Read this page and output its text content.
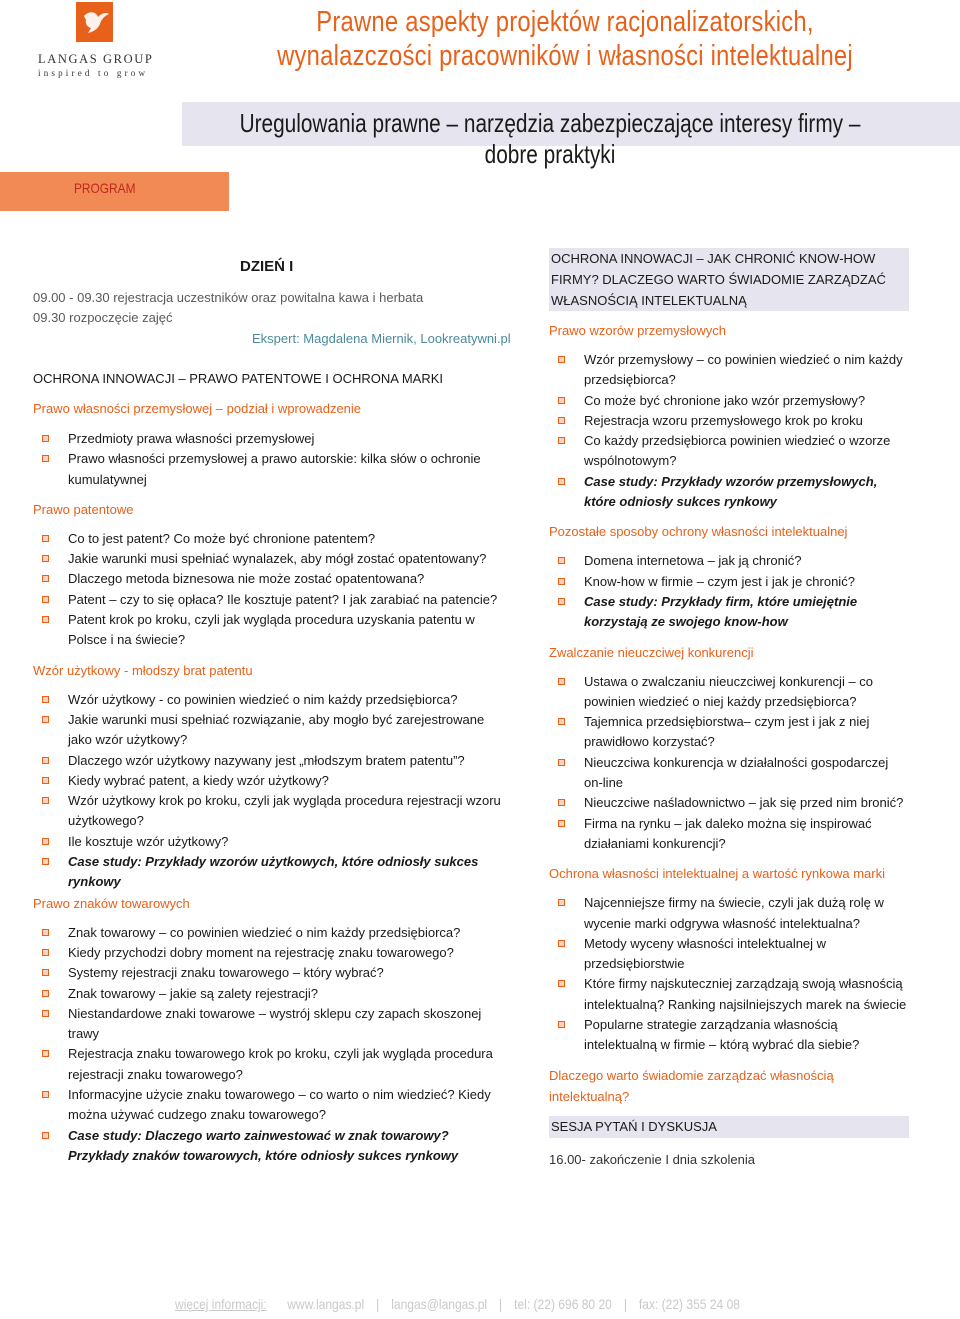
LANGAS GROUP
inspired to grow
Prawne aspekty projektów racjonalizatorskich,
wynalazczości pracowników i własności intelektualnej
Uregulowania prawne – narzędzia zabezpieczające interesy firmy – dobre praktyki
PROGRAM
DZIEŃ I
09.00 - 09.30 rejestracja uczestników oraz powitalna kawa i herbata
09.30 rozpoczęcie zajęć
Ekspert: Magdalena Miernik, Lookreatywni.pl
OCHRONA INNOWACJI – PRAWO PATENTOWE I OCHRONA MARKI
Prawo własności przemysłowej – podział i wprowadzenie
Przedmioty prawa własności przemysłowej
Prawo własności przemysłowej a prawo autorskie: kilka słów o ochronie kumulatywnej
Prawo patentowe
Co to jest patent? Co może być chronione patentem?
Jakie warunki musi spełniać wynalazek, aby mógł zostać opatentowany?
Dlaczego metoda biznesowa nie może zostać opatentowana?
Patent – czy to się opłaca? Ile kosztuje patent? I jak zarabiać na patencie?
Patent krok po kroku, czyli jak wygląda procedura uzyskania patentu w Polsce i na świecie?
Wzór użytkowy - młodszy brat patentu
Wzór użytkowy - co powinien wiedzieć o nim każdy przedsiębiorca?
Jakie warunki musi spełniać rozwiązanie, aby mogło być zarejestrowane jako wzór użytkowy?
Dlaczego wzór użytkowy nazywany jest „młodszym bratem patentu”?
Kiedy wybrać patent, a kiedy wzór użytkowy?
Wzór użytkowy krok po kroku, czyli jak wygląda procedura rejestracji wzoru użytkowego?
Ile kosztuje wzór użytkowy?
Case study: Przykłady wzorów użytkowych, które odniosły sukces rynkowy
Prawo znaków towarowych
Znak towarowy – co powinien wiedzieć o nim każdy przedsiębiorca?
Kiedy przychodzi dobry moment na rejestrację znaku towarowego?
Systemy rejestracji znaku towarowego – który wybrać?
Znak towarowy – jakie są zalety rejestracji?
Niestandardowe znaki towarowe – wystrój sklepu czy zapach skoszonej trawy
Rejestracja znaku towarowego krok po kroku, czyli jak wygląda procedura rejestracji znaku towarowego?
Informacyjne użycie znaku towarowego – co warto o nim wiedzieć? Kiedy można używać cudzego znaku towarowego?
Case study: Dlaczego warto zainwestować w znak towarowy? Przykłady znaków towarowych, które odniosły sukces rynkowy
OCHRONA INNOWACJI – JAK CHRONIĆ KNOW-HOW FIRMY? DLACZEGO WARTO ŚWIADOMIE ZARZĄDZAĆ WŁASNOŚCIĄ INTELEKTUALNĄ
Prawo wzorów przemysłowych
Wzór przemysłowy – co powinien wiedzieć o nim każdy przedsiębiorca?
Co może być chronione jako wzór przemysłowy?
Rejestracja wzoru przemysłowego krok po kroku
Co każdy przedsiębiorca powinien wiedzieć o wzorze wspólnotowym?
Case study: Przykłady wzorów przemysłowych, które odniosły sukces rynkowy
Pozostałe sposoby ochrony własności intelektualnej
Domena internetowa – jak ją chronić?
Know-how w firmie – czym jest i jak je chronić?
Case study: Przykłady firm, które umiejętnie korzystają ze swojego know-how
Zwalczanie nieuczciwej konkurencji
Ustawa o zwalczaniu nieuczciwej konkurencji – co powinien wiedzieć o niej każdy przedsiębiorca?
Tajemnica przedsiębiorstwa– czym jest i jak z niej prawidłowo korzystać?
Nieuczciwa konkurencja w działalności gospodarczej on-line
Nieuczciwe naśladownictwo – jak się przed nim bronić?
Firma na rynku – jak daleko można się inspirować działaniami konkurencji?
Ochrona własności intelektualnej a wartość rynkowa marki
Najcenniejsze firmy na świecie, czyli jak dużą rolę w wycenie marki odgrywa własność intelektualna?
Metody wyceny własności intelektualnej w przedsiębiorstwie
Które firmy najskuteczniej zarządzają swoją własnością intelektualną? Ranking najsilniejszych marek na świecie
Popularne strategie zarządzania własnością intelektualną w firmie – którą wybrać dla siebie?
Dlaczego warto świadomie zarządzać własnością intelektualną?
SESJA PYTAŃ I DYSKUSJA
16.00- zakończenie I dnia szkolenia
więcej informacji: www.langas.pl | langas@langas.pl | tel: (22) 696 80 20 | fax: (22) 355 24 08
